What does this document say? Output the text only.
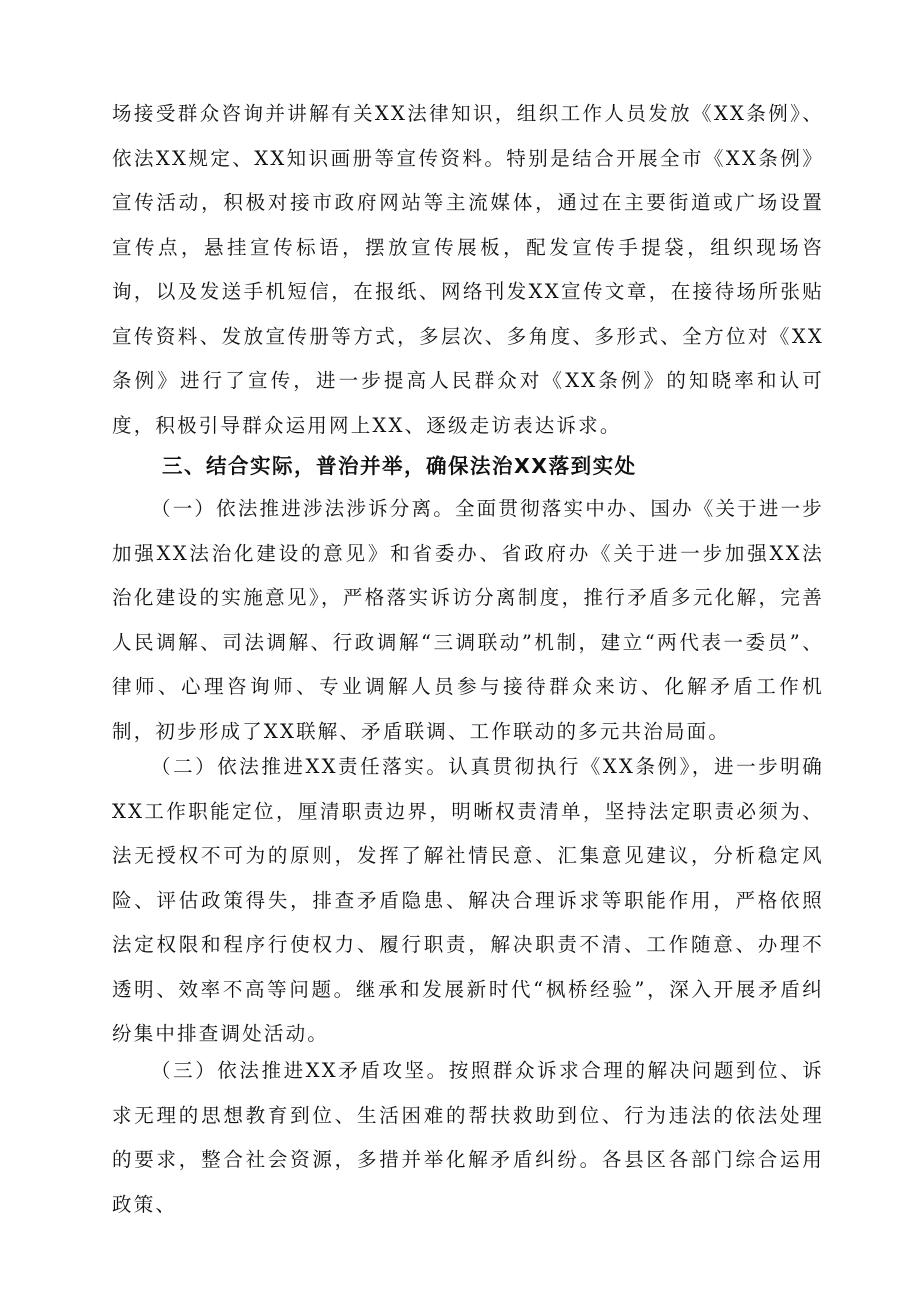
场接受群众咨询并讲解有关XX法律知识，组织工作人员发放《XX条例》、依法XX规定、XX知识画册等宣传资料。特别是结合开展全市《XX条例》宣传活动，积极对接市政府网站等主流媒体，通过在主要街道或广场设置宣传点，悬挂宣传标语，摆放宣传展板，配发宣传手提袋，组织现场咨询，以及发送手机短信，在报纸、网络刊发XX宣传文章，在接待场所张贴宣传资料、发放宣传册等方式，多层次、多角度、多形式、全方位对《XX条例》进行了宣传，进一步提高人民群众对《XX条例》的知晓率和认可度，积极引导群众运用网上XX、逐级走访表达诉求。

三、结合实际，普治并举，确保法治XX落到实处

（一）依法推进涉法涉诉分离。全面贯彻落实中办、国办《关于进一步加强XX法治化建设的意见》和省委办、省政府办《关于进一步加强XX法治化建设的实施意见》，严格落实诉访分离制度，推行矛盾多元化解，完善人民调解、司法调解、行政调解“三调联动”机制，建立“两代表一委员”、律师、心理咨询师、专业调解人员参与接待群众来访、化解矛盾工作机制，初步形成了XX联解、矛盾联调、工作联动的多元共治局面。

（二）依法推进XX责任落实。认真贯彻执行《XX条例》，进一步明确XX工作职能定位，厘清职责边界，明晰权责清单，坚持法定职责必须为、法无授权不可为的原则，发挥了解社情民意、汇集意见建议，分析稳定风险、评估政策得失，排查矛盾隐患、解决合理诉求等职能作用，严格依照法定权限和程序行使权力、履行职责，解决职责不清、工作随意、办理不透明、效率不高等问题。继承和发展新时代“枫桥经验”，深入开展矛盾纠纷集中排查调处活动。

（三）依法推进XX矛盾攻坚。按照群众诉求合理的解决问题到位、诉求无理的思想教育到位、生活困难的帮扶救助到位、行为违法的依法处理的要求，整合社会资源，多措并举化解矛盾纠纷。各县区各部门综合运用政策、
